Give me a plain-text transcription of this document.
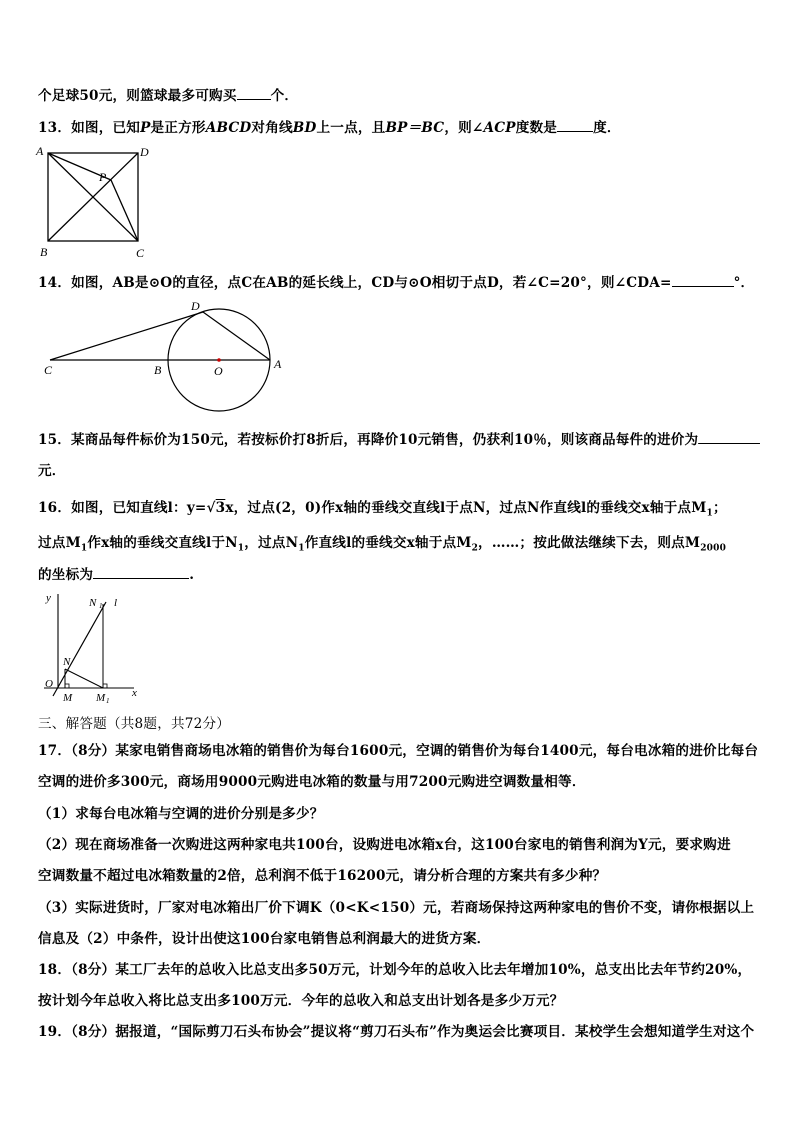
个足球50元，则篮球最多可购买	个．
13．如图，已知P是正方形ABCD对角线BD上一点，且BP＝BC，则∠ACP度数是	度．
A	D
B	C
P
14．如图，AB是⊙O的直径，点C在AB的延长线上，CD与⊙O相切于点D，若∠C=20°，则∠CDA=	°．
C	B	O	A
D
15．某商品每件标价为150元，若按标价打8折后，再降价10元销售，仍获利10％，则该商品每件的进价为
元．
16．如图，已知直线l：y=√3x，过点(2，0)作x轴的垂线交直线l于点N，过点N作直线l的垂线交x轴于点$M_1$；
过点$M_1$作x轴的垂线交直线l于$N_1$，过点$N_1$作直线l的垂线交x轴于点$M_2$，……；按此做法继续下去，则点$M_{2000}$
的坐标为	.
y
x
O
M M 1
N
N 1 l
三、解答题（共8题，共72分）
17．（8分）某家电销售商场电冰箱的销售价为每台1600元，空调的销售价为每台1400元，每台电冰箱的进价比每台
空调的进价多300元，商场用9000元购进电冰箱的数量与用7200元购进空调数量相等．
（1）求每台电冰箱与空调的进价分别是多少？
（2）现在商场准备一次购进这两种家电共100台，设购进电冰箱x台，这100台家电的销售利润为Y元，要求购进
空调数量不超过电冰箱数量的2倍，总利润不低于16200元，请分析合理的方案共有多少种？
（3）实际进货时，厂家对电冰箱出厂价下调K（0<K<150）元，若商场保持这两种家电的售价不变，请你根据以上
信息及（2）中条件，设计出使这100台家电销售总利润最大的进货方案．
18．（8分）某工厂去年的总收入比总支出多50万元，计划今年的总收入比去年增加10%，总支出比去年节约20%，
按计划今年总收入将比总支出多100万元．今年的总收入和总支出计划各是多少万元？
19．（8分）据报道，“国际剪刀石头布协会”提议将“剪刀石头布”作为奥运会比赛项目．某校学生会想知道学生对这个
